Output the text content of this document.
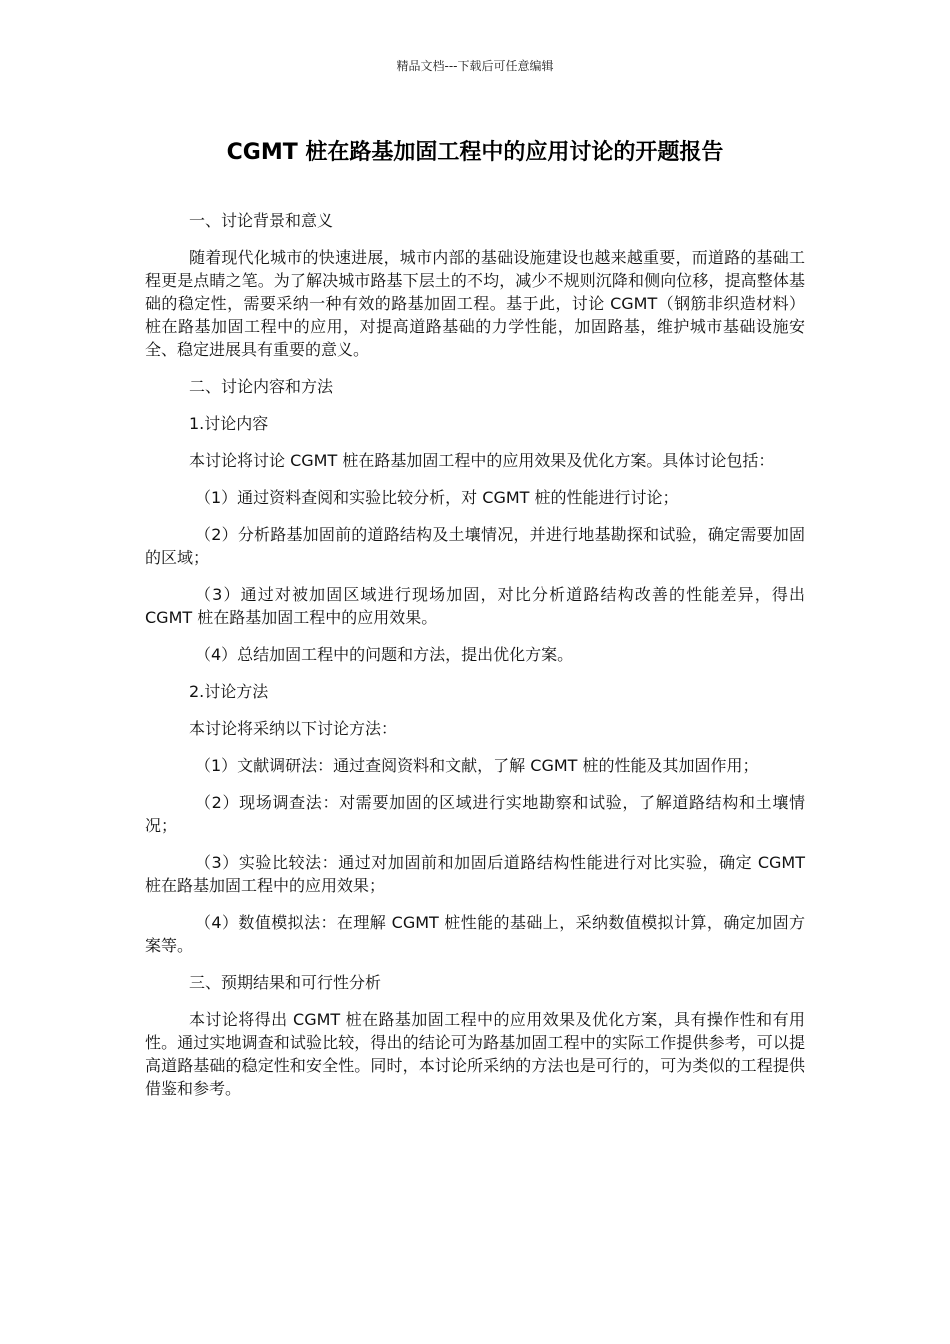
精品文档---下载后可任意编辑
CGMT 桩在路基加固工程中的应用讨论的开题报告

一、讨论背景和意义

随着现代化城市的快速进展，城市内部的基础设施建设也越来越重要，而道路的基础工程更是点睛之笔。为了解决城市路基下层土的不均，减少不规则沉降和侧向位移，提高整体基础的稳定性，需要采纳一种有效的路基加固工程。基于此，讨论 CGMT（钢筋非织造材料）桩在路基加固工程中的应用，对提高道路基础的力学性能，加固路基，维护城市基础设施安全、稳定进展具有重要的意义。

二、讨论内容和方法

1.讨论内容

本讨论将讨论 CGMT 桩在路基加固工程中的应用效果及优化方案。具体讨论包括：

（1）通过资料查阅和实验比较分析，对 CGMT 桩的性能进行讨论；

（2）分析路基加固前的道路结构及土壤情况，并进行地基勘探和试验，确定需要加固的区域；

（3）通过对被加固区域进行现场加固，对比分析道路结构改善的性能差异，得出 CGMT 桩在路基加固工程中的应用效果。

（4）总结加固工程中的问题和方法，提出优化方案。

2.讨论方法

本讨论将采纳以下讨论方法：

（1）文献调研法：通过查阅资料和文献，了解 CGMT 桩的性能及其加固作用；

（2）现场调查法：对需要加固的区域进行实地勘察和试验，了解道路结构和土壤情况；

（3）实验比较法：通过对加固前和加固后道路结构性能进行对比实验，确定 CGMT 桩在路基加固工程中的应用效果；

（4）数值模拟法：在理解 CGMT 桩性能的基础上，采纳数值模拟计算，确定加固方案等。

三、预期结果和可行性分析

本讨论将得出 CGMT 桩在路基加固工程中的应用效果及优化方案，具有操作性和有用性。通过实地调查和试验比较，得出的结论可为路基加固工程中的实际工作提供参考，可以提高道路基础的稳定性和安全性。同时，本讨论所采纳的方法也是可行的，可为类似的工程提供借鉴和参考。
